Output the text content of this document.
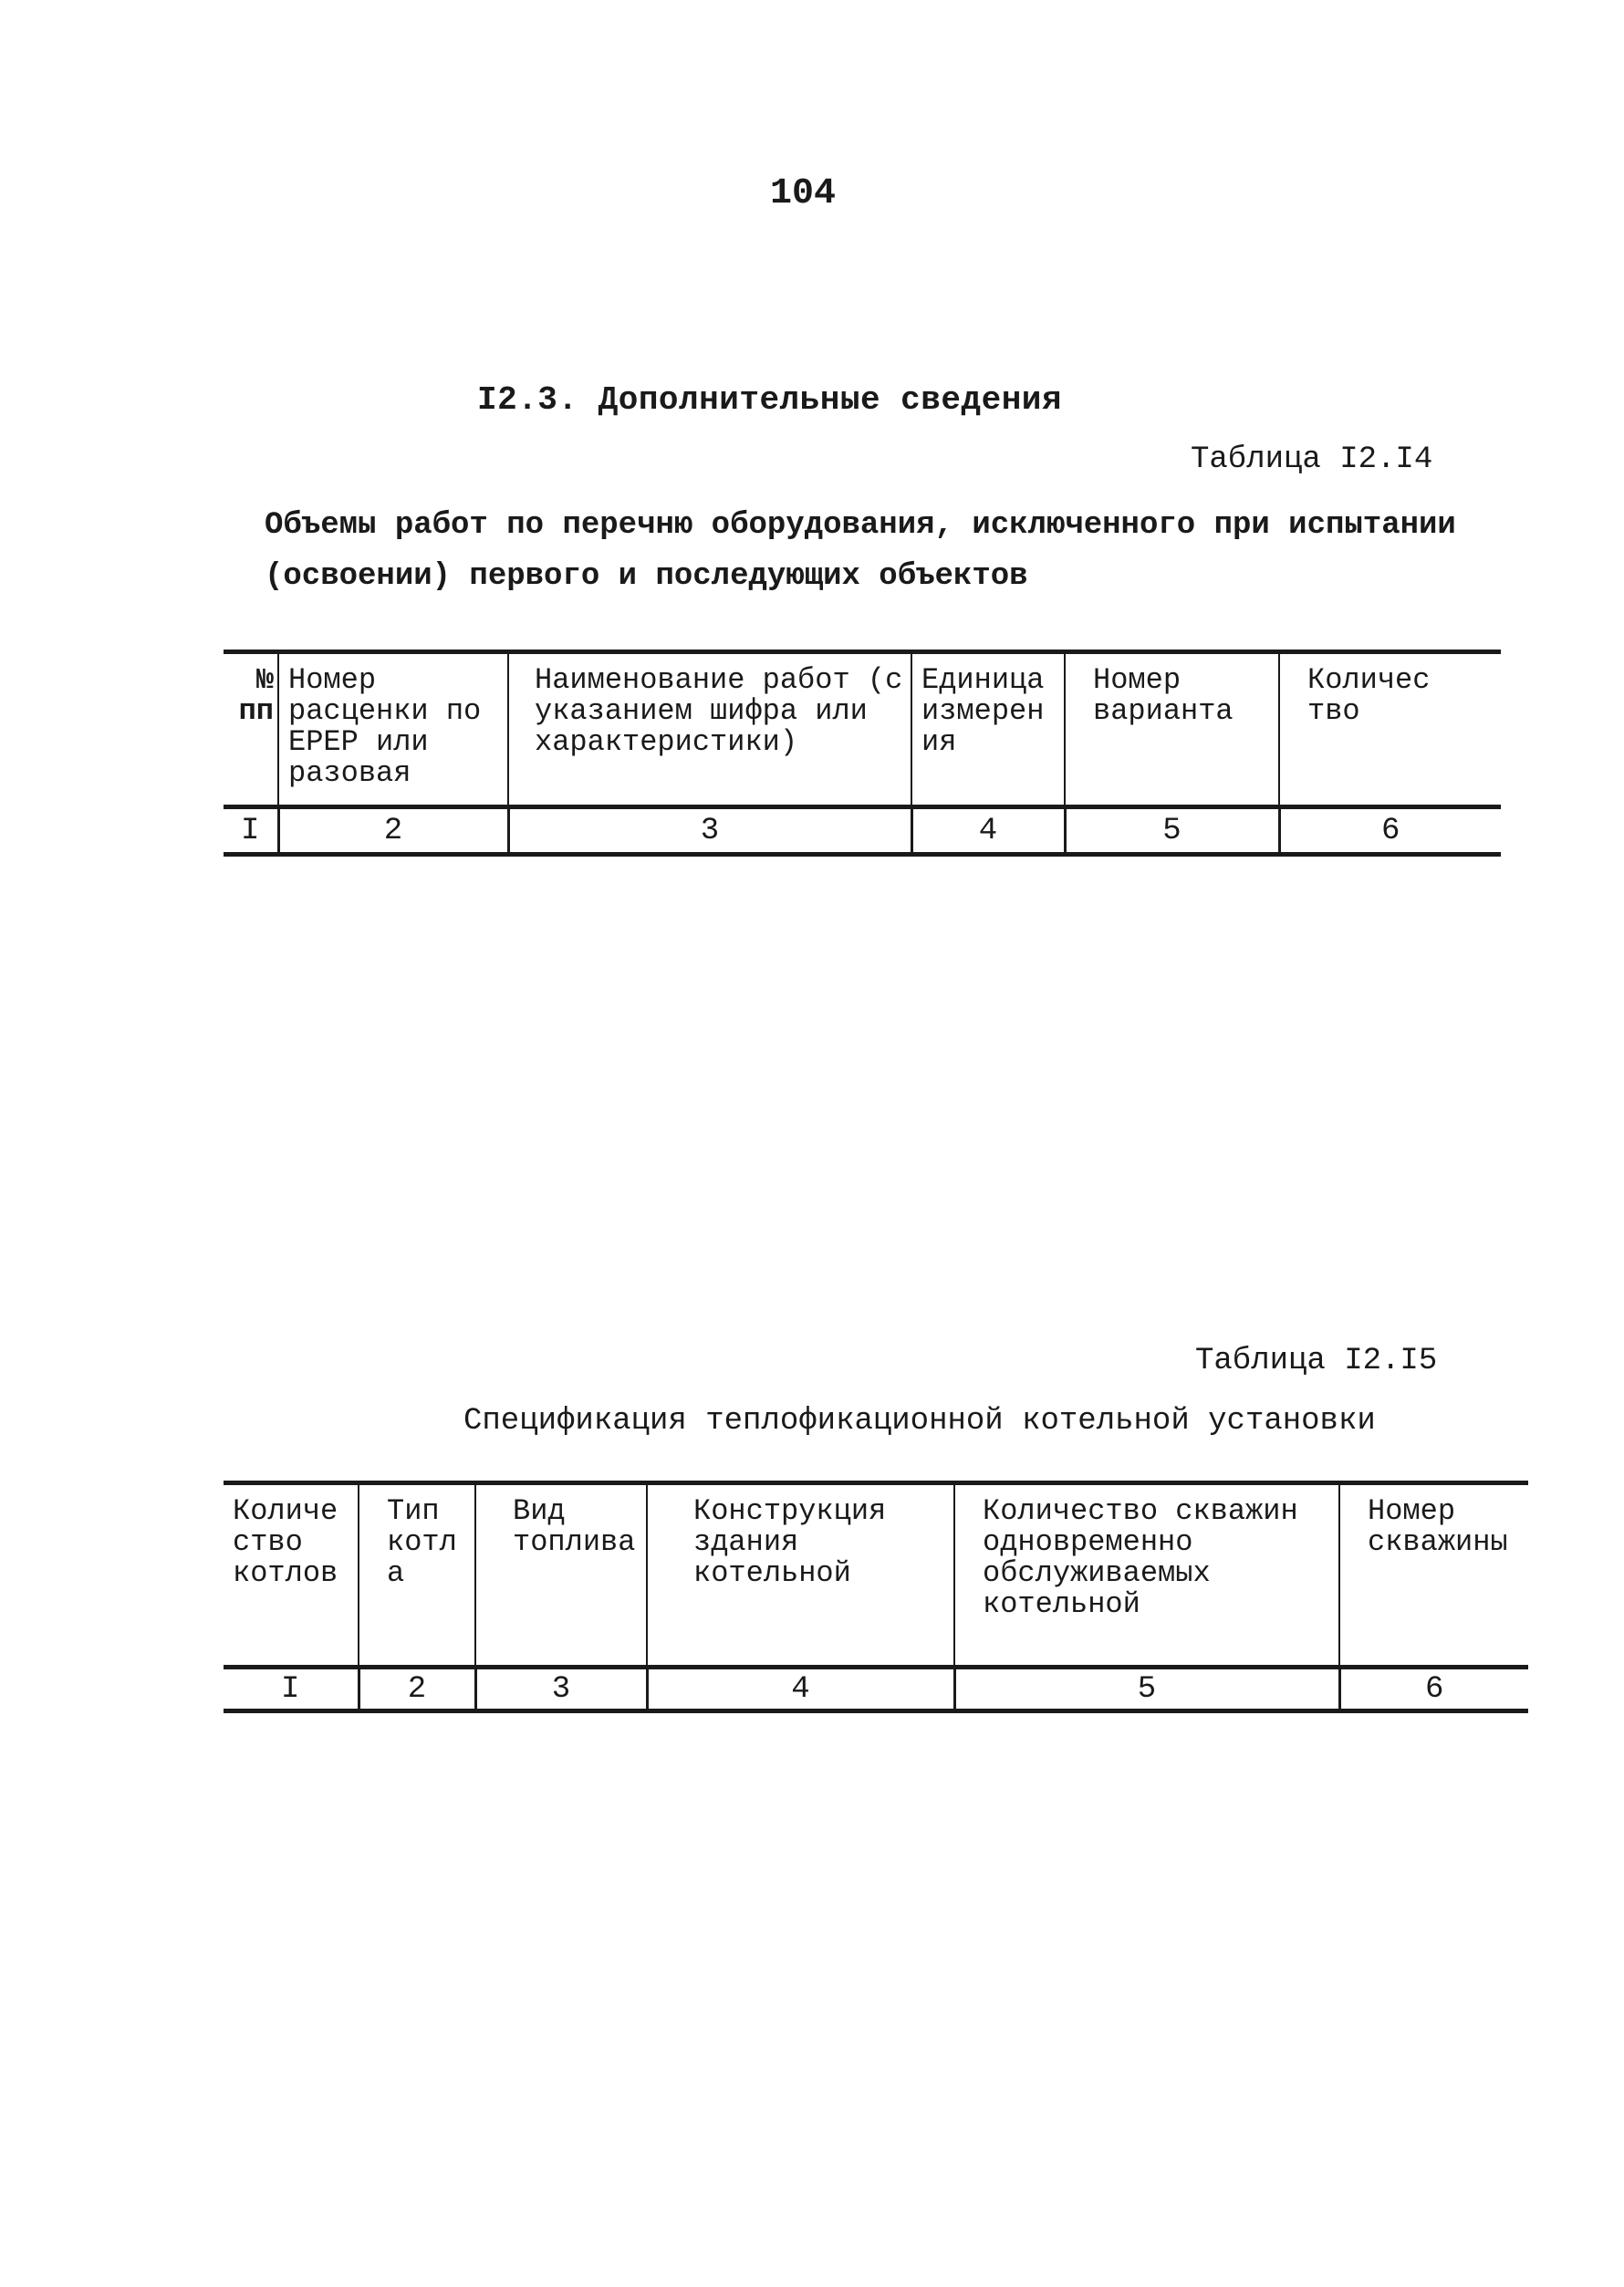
104
I2.3. Дополнительные сведения
Таблица I2.I4
Объемы работ по перечню оборудования, исключенного при испытании
(освоении) первого и последующих объектов
№ пп	Номер расценки по ЕРЕР или разовая	Наименование работ (с указанием шифра или характеристики)	Единица измерения	Номер варианта	Количество
I	2	3	4	5	6
Таблица I2.I5
Спецификация теплофикационной котельной установки
Количество котлов	Тип котла	Вид топлива	Конструкция здания котельной	Количество скважин одновременно обслуживаемых котельной	Номер скважины
I	2	3	4	5	6
